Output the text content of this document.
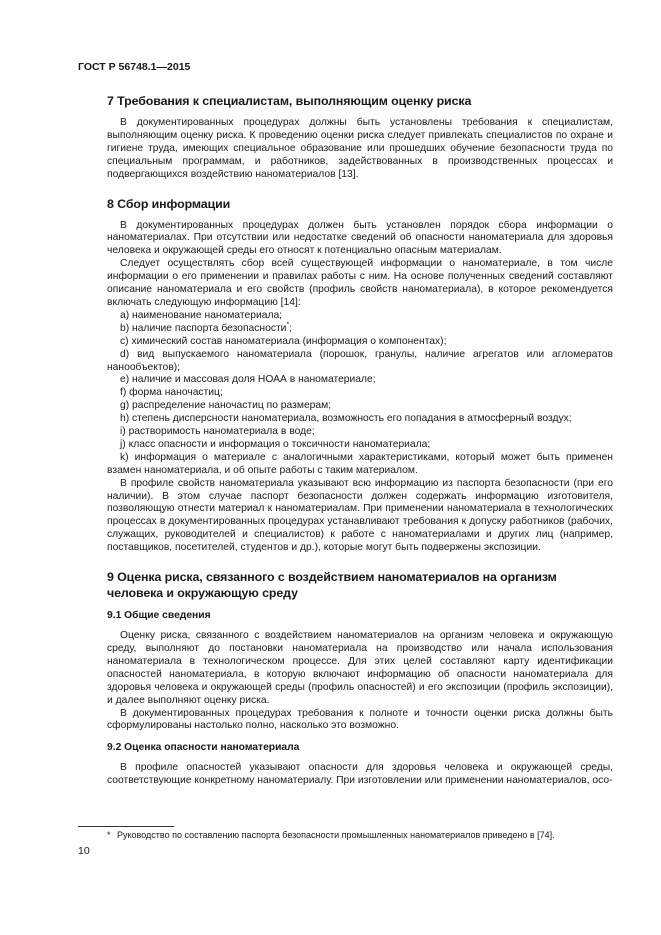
ГОСТ Р 56748.1—2015
7 Требования к специалистам, выполняющим оценку риска

В документированных процедурах должны быть установлены требования к специалистам, выполняющим оценку риска. К проведению оценки риска следует привлекать специалистов по охране и гигиене труда, имеющих специальное образование или прошедших обучение безопасности труда по специальным программам, и работников, задействованных в производственных процессах и подвергающихся воздействию наноматериалов [13].

8 Сбор информации

В документированных процедурах должен быть установлен порядок сбора информации о наноматериалах. При отсутствии или недостатке сведений об опасности наноматериала для здоровья человека и окружающей среды его относят к потенциально опасным материалам.

Следует осуществлять сбор всей существующей информации о наноматериале, в том числе информации о его применении и правилах работы с ним. На основе полученных сведений составляют описание наноматериала и его свойств (профиль свойств наноматериала), в которое рекомендуется включать следующую информацию [14]:

a) наименование наноматериала;

b) наличие паспорта безопасности*;

c) химический состав наноматериала (информация о компонентах);

d) вид выпускаемого наноматериала (порошок, гранулы, наличие агрегатов или агломератов нанообъектов);

e) наличие и массовая доля НОАА в наноматериале;

f) форма наночастиц;

g) распределение наночастиц по размерам;

h) степень дисперсности наноматериала, возможность его попадания в атмосферный воздух;

i) растворимость наноматериала в воде;

j) класс опасности и информация о токсичности наноматериала;

k) информация о материале с аналогичными характеристиками, который может быть применен взамен наноматериала, и об опыте работы с таким материалом.

В профиле свойств наноматериала указывают всю информацию из паспорта безопасности (при его наличии). В этом случае паспорт безопасности должен содержать информацию изготовителя, позволяющую отнести материал к наноматериалам. При применении наноматериала в технологических процессах в документированных процедурах устанавливают требования к допуску работников (рабочих, служащих, руководителей и специалистов) к работе с наноматериалами и других лиц (например, поставщиков, посетителей, студентов и др.), которые могут быть подвержены экспозиции.

9 Оценка риска, связанного с воздействием наноматериалов на организм человека и окружающую среду
9.1 Общие сведения

Оценку риска, связанного с воздействием наноматериалов на организм человека и окружающую среду, выполняют до постановки наноматериала на производство или начала использования наноматериала в технологическом процессе. Для этих целей составляют карту идентификации опасностей наноматериала, в которую включают информацию об опасности наноматериала для здоровья человека и окружающей среды (профиль опасностей) и его экспозиции (профиль экспозиции), и далее выполняют оценку риска.

В документированных процедурах требования к полноте и точности оценки риска должны быть сформулированы настолько полно, насколько это возможно.

9.2 Оценка опасности наноматериала

В профиле опасностей указывают опасности для здоровья человека и окружающей среды, соответствующие конкретному наноматериалу. При изготовлении или применении наноматериалов, осо-

* Руководство по составлению паспорта безопасности промышленных наноматериалов приведено в [74].
10
